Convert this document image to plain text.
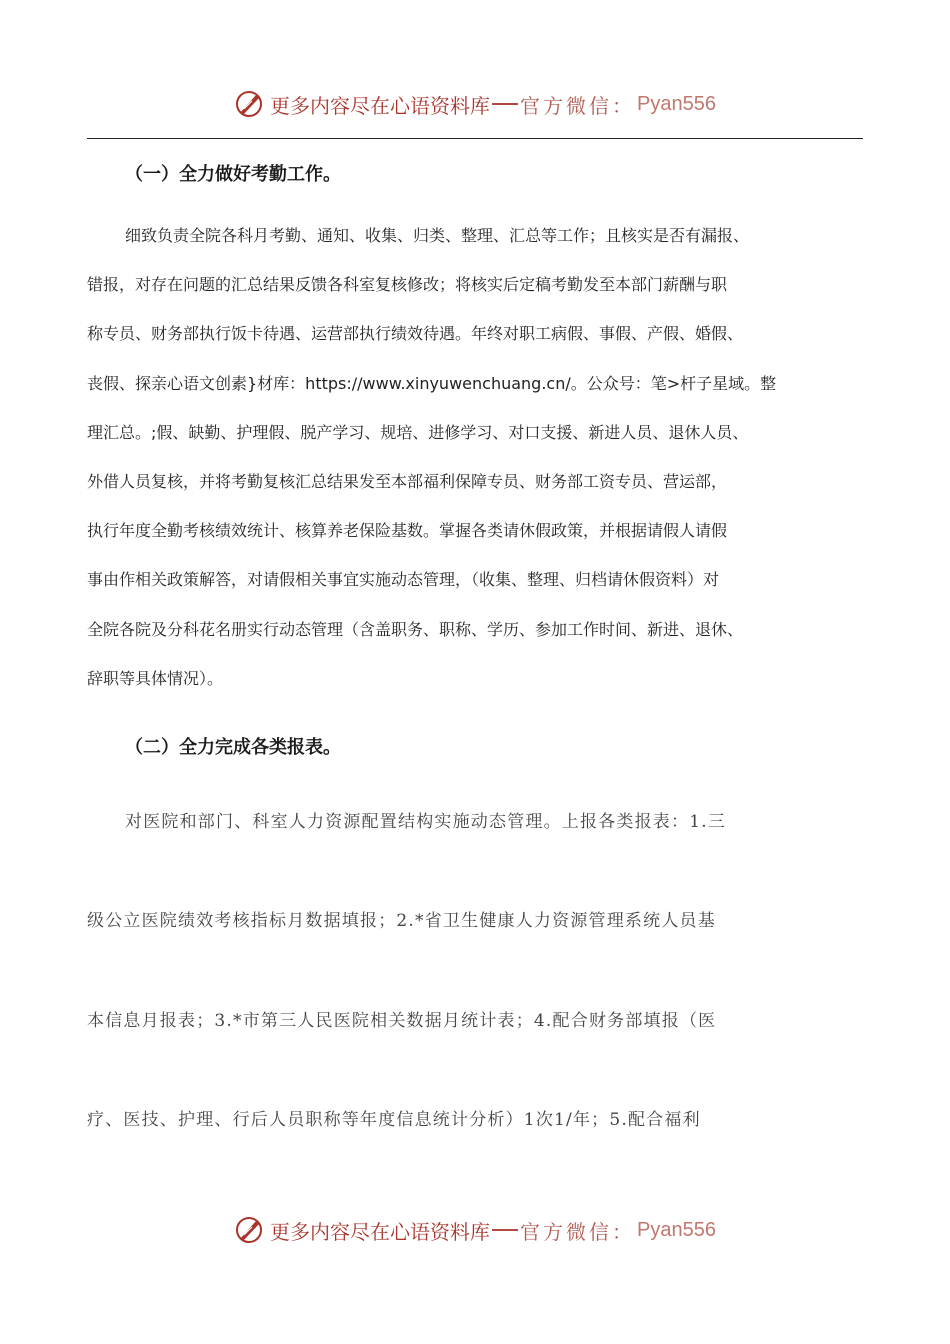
更多内容尽在心语资料库 官方微信： Pyan556
（一）全力做好考勤工作。
细致负责全院各科月考勤、通知、收集、归类、整理、汇总等工作；且核实是否有漏报、
错报，对存在问题的汇总结果反馈各科室复核修改；将核实后定稿考勤发至本部门薪酬与职
称专员、财务部执行饭卡待遇、运营部执行绩效待遇。年终对职工病假、事假、产假、婚假、
丧假、探亲心语文创素}材库：https://www.xinyuwenchuang.cn/。公众号：笔>杆子星域。整
理汇总。;假、缺勤、护理假、脱产学习、规培、进修学习、对口支援、新进人员、退休人员、
外借人员复核，并将考勤复核汇总结果发至本部福利保障专员、财务部工资专员、营运部，
执行年度全勤考核绩效统计、核算养老保险基数。掌握各类请休假政策，并根据请假人请假
事由作相关政策解答，对请假相关事宜实施动态管理，（收集、整理、归档请休假资料）对
全院各院及分科花名册实行动态管理（含盖职务、职称、学历、参加工作时间、新进、退休、
辞职等具体情况）。
（二）全力完成各类报表。
对医院和部门、科室人力资源配置结构实施动态管理。上报各类报表：1.三
级公立医院绩效考核指标月数据填报；2.*省卫生健康人力资源管理系统人员基
本信息月报表；3.*市第三人民医院相关数据月统计表；4.配合财务部填报（医
疗、医技、护理、行后人员职称等年度信息统计分析）1次1/年；5.配合福利
更多内容尽在心语资料库 官方微信： Pyan556
